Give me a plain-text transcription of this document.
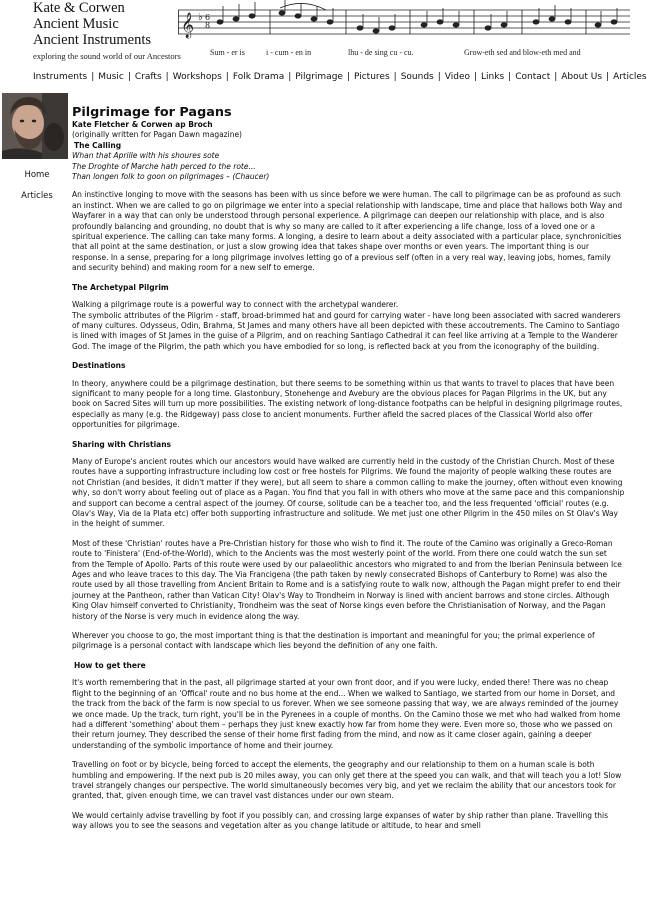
Kate & Corwen
Ancient Music
Ancient Instruments
exploring the sound world of our Ancestors
𝄞 ♭ 6
8
Sum - er is	i - cum - en in	lhu - de sing cu - cu.	Grow-eth sed and blow-eth med and
Instruments | Music | Crafts | Workshops | Folk Drama | Pilgrimage | Pictures | Sounds | Video | Links | Contact | About Us | Articles
Home
Articles
Pilgrimage for Pagans

Kate Fletcher & Corwen ap Broch

(originally written for Pagan Dawn magazine)

The Calling

Whan that Aprille with his shoures sote

The Droghte of Marche hath perced to the rote...

Than longen folk to goon on pilgrimages – (Chaucer)

An instinctive longing to move with the seasons has been with us since before we were human. The call to pilgrimage can be as profound as such an instinct. When we are called to go on pilgrimage we enter into a special relationship with landscape, time and place that hallows both Way and Wayfarer in a way that can only be understood through personal experience. A pilgrimage can deepen our relationship with place, and is also profoundly balancing and grounding, no doubt that is why so many are called to it after experiencing a life change, loss of a loved one or a spiritual experience. The calling can take many forms. A longing, a desire to learn about a deity associated with a particular place, synchronicities that all point at the same destination, or just a slow growing idea that takes shape over months or even years. The important thing is our response. In a sense, preparing for a long pilgrimage involves letting go of a previous self (often in a very real way, leaving jobs, homes, family and security behind) and making room for a new self to emerge.

The Archetypal Pilgrim

Walking a pilgrimage route is a powerful way to connect with the archetypal wanderer.
The symbolic attributes of the Pilgrim - staff, broad-brimmed hat and gourd for carrying water - have long been associated with sacred wanderers of many cultures. Odysseus, Odin, Brahma, St James and many others have all been depicted with these accoutrements. The Camino to Santiago is lined with images of St James in the guise of a Pilgrim, and on reaching Santiago Cathedral it can feel like arriving at a Temple to the Wanderer God. The image of the Pilgrim, the path which you have embodied for so long, is reflected back at you from the iconography of the building.

Destinations

In theory, anywhere could be a pilgrimage destination, but there seems to be something within us that wants to travel to places that have been significant to many people for a long time. Glastonbury, Stonehenge and Avebury are the obvious places for Pagan Pilgrims in the UK, but any book on Sacred Sites will turn up more possibilities. The existing network of long-distance footpaths can be helpful in designing pilgrimage routes, especially as many (e.g. the Ridgeway) pass close to ancient monuments. Further afield the sacred places of the Classical World also offer opportunities for pilgrimage.

Sharing with Christians

Many of Europe's ancient routes which our ancestors would have walked are currently held in the custody of the Christian Church. Most of these routes have a supporting infrastructure including low cost or free hostels for Pilgrims. We found the majority of people walking these routes are not Christian (and besides, it didn't matter if they were), but all seem to share a common calling to make the journey, often without even knowing why, so don't worry about feeling out of place as a Pagan. You find that you fall in with others who move at the same pace and this companionship and support can become a central aspect of the journey. Of course, solitude can be a teacher too, and the less frequented 'official' routes (e.g. Olav's Way, Via de la Plata etc) offer both supporting infrastructure and solitude. We met just one other Pilgrim in the 450 miles on St Olav's Way in the height of summer.

Most of these 'Christian' routes have a Pre-Christian history for those who wish to find it. The route of the Camino was originally a Greco-Roman route to 'Finistera' (End-of-the-World), which to the Ancients was the most westerly point of the world. From there one could watch the sun set from the Temple of Apollo. Parts of this route were used by our palaeolithic ancestors who migrated to and from the Iberian Peninsula between Ice Ages and who leave traces to this day. The Via Francigena (the path taken by newly consecrated Bishops of Canterbury to Rome) was also the route used by all those travelling from Ancient Britain to Rome and is a satisfying route to walk now, although the Pagan might prefer to end their journey at the Pantheon, rather than Vatican City! Olav's Way to Trondheim in Norway is lined with ancient barrows and stone circles. Although King Olav himself converted to Christianity, Trondheim was the seat of Norse kings even before the Christianisation of Norway, and the Pagan history of the Norse is very much in evidence along the way.

Wherever you choose to go, the most important thing is that the destination is important and meaningful for you; the primal experience of pilgrimage is a personal contact with landscape which lies beyond the definition of any one faith.

How to get there

It's worth remembering that in the past, all pilgrimage started at your own front door, and if you were lucky, ended there! There was no cheap flight to the beginning of an 'Offical' route and no bus home at the end... When we walked to Santiago, we started from our home in Dorset, and the track from the back of the farm is now special to us forever. When we see someone passing that way, we are always reminded of the journey we once made. Up the track, turn right, you'll be in the Pyrenees in a couple of months. On the Camino those we met who had walked from home had a different 'something' about them – perhaps they just knew exactly how far from home they were. Even more so, those who we passed on their return journey. They described the sense of their home first fading from the mind, and now as it came closer again, gaining a deeper understanding of the symbolic importance of home and their journey.

Travelling on foot or by bicycle, being forced to accept the elements, the geography and our relationship to them on a human scale is both humbling and empowering. If the next pub is 20 miles away, you can only get there at the speed you can walk, and that will teach you a lot! Slow travel strangely changes our perspective. The world simultaneously becomes very big, and yet we reclaim the ability that our ancestors took for granted, that, given enough time, we can travel vast distances under our own steam.

We would certainly advise travelling by foot if you possibly can, and crossing large expanses of water by ship rather than plane. Travelling this way allows you to see the seasons and vegetation alter as you change latitude or altitude, to hear and smell
